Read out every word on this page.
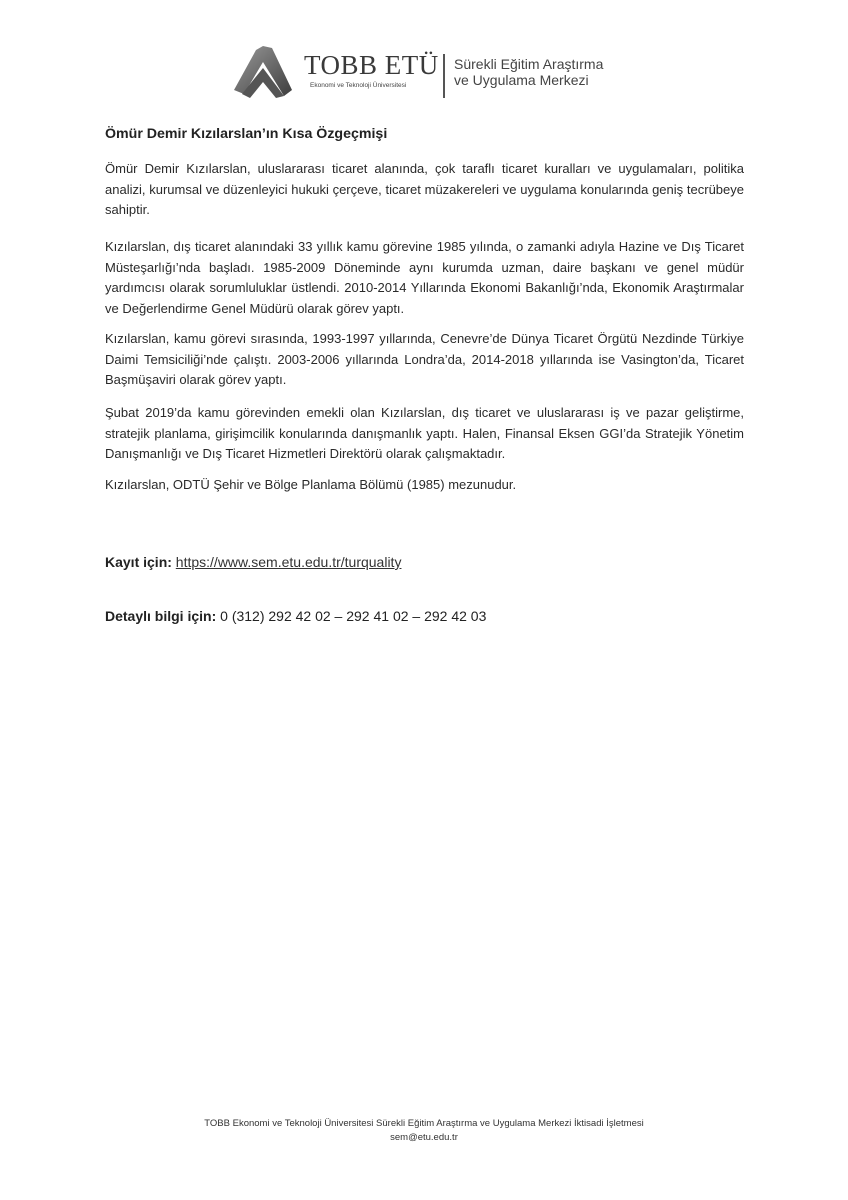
TOBB ETÜ
Ekonomi ve Teknoloji Üniversitesi
Sürekli Eğitim Araştırma
ve Uygulama Merkezi
Ömür Demir Kızılarslan’ın Kısa Özgeçmişi

Ömür Demir Kızılarslan, uluslararası ticaret alanında, çok taraflı ticaret kuralları ve uygulamaları, politika analizi, kurumsal ve düzenleyici hukuki çerçeve, ticaret müzakereleri ve uygulama konularında geniş tecrübeye sahiptir.

Kızılarslan, dış ticaret alanındaki 33 yıllık kamu görevine 1985 yılında, o zamanki adıyla Hazine ve Dış Ticaret Müsteşarlığı’nda başladı. 1985-2009 Döneminde aynı kurumda uzman, daire başkanı ve genel müdür yardımcısı olarak sorumluluklar üstlendi. 2010-2014 Yıllarında Ekonomi Bakanlığı’nda, Ekonomik Araştırmalar ve Değerlendirme Genel Müdürü olarak görev yaptı.

Kızılarslan, kamu görevi sırasında, 1993-1997 yıllarında, Cenevre’de Dünya Ticaret Örgütü Nezdinde Türkiye Daimi Temsiciliği’nde çalıştı. 2003-2006 yıllarında Londra’da, 2014-2018 yıllarında ise Vasington’da, Ticaret Başmüşaviri olarak görev yaptı.

Şubat 2019’da kamu görevinden emekli olan Kızılarslan, dış ticaret ve uluslararası iş ve pazar geliştirme, stratejik planlama, girişimcilik konularında danışmanlık yaptı. Halen, Finansal Eksen GGI’da Stratejik Yönetim Danışmanlığı ve Dış Ticaret Hizmetleri Direktörü olarak çalışmaktadır.

Kızılarslan, ODTÜ Şehir ve Bölge Planlama Bölümü (1985) mezunudur.

Kayıt için: https://www.sem.etu.edu.tr/turquality
Detaylı bilgi için: 0 (312) 292 42 02 – 292 41 02 – 292 42 03
TOBB Ekonomi ve Teknoloji Üniversitesi Sürekli Eğitim Araştırma ve Uygulama Merkezi İktisadi İşletmesi
sem@etu.edu.tr
